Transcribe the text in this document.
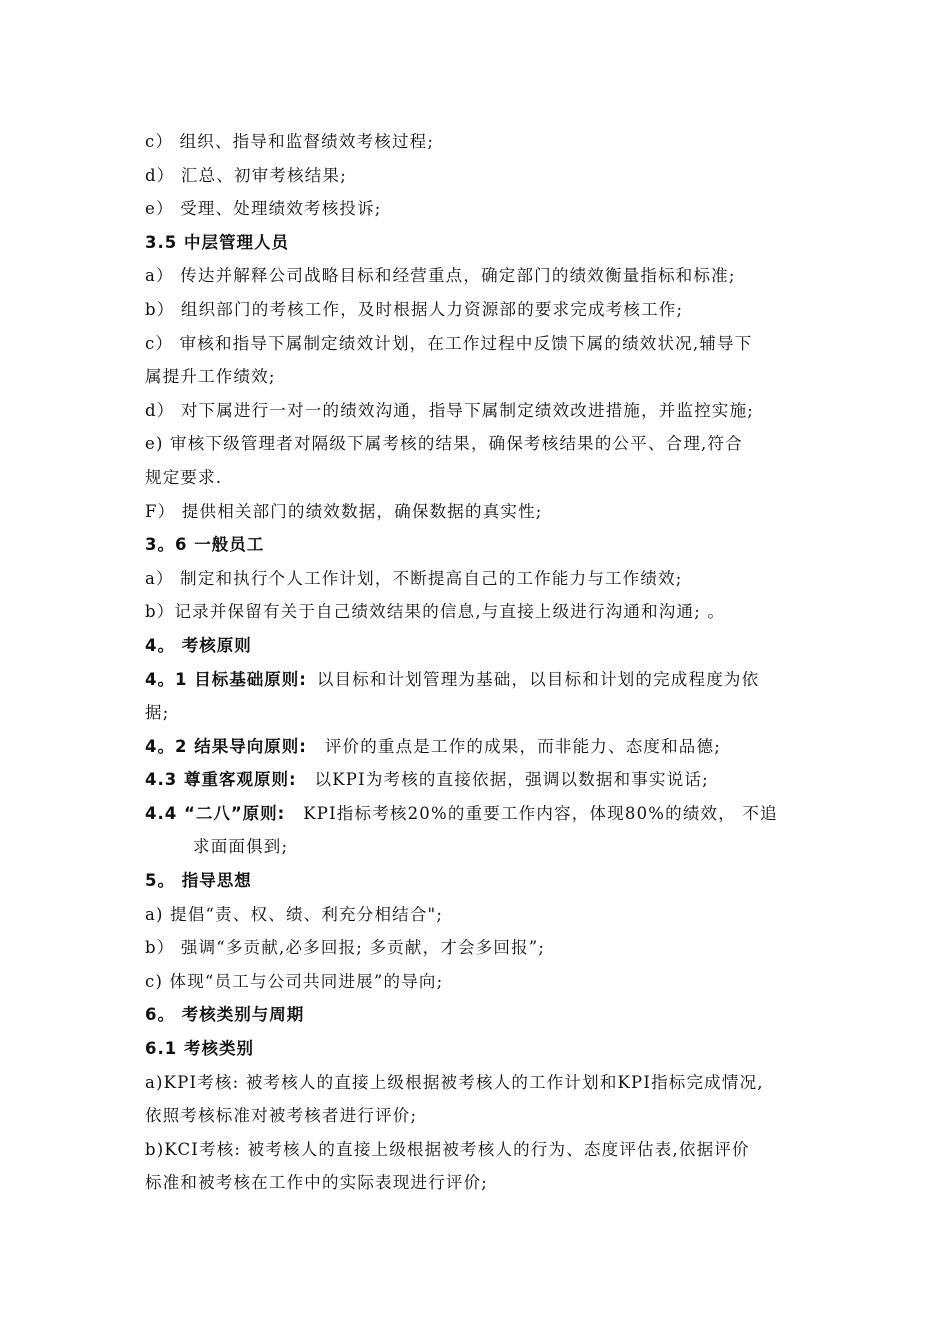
c） 组织、指导和监督绩效考核过程;
d） 汇总、初审考核结果;
e） 受理、处理绩效考核投诉;
3.5 中层管理人员
a） 传达并解释公司战略目标和经营重点，确定部门的绩效衡量指标和标准;
b） 组织部门的考核工作，及时根据人力资源部的要求完成考核工作;
c） 审核和指导下属制定绩效计划，在工作过程中反馈下属的绩效状况,辅导下
属提升工作绩效;
d） 对下属进行一对一的绩效沟通，指导下属制定绩效改进措施，并监控实施;
e) 审核下级管理者对隔级下属考核的结果，确保考核结果的公平、合理,符合
规定要求.
F） 提供相关部门的绩效数据，确保数据的真实性;
3。6 一般员工
a） 制定和执行个人工作计划，不断提高自己的工作能力与工作绩效;
b）记录并保留有关于自己绩效结果的信息,与直接上级进行沟通和沟通; 。
4。 考核原则
4。1 目标基础原则: 以目标和计划管理为基础，以目标和计划的完成程度为依
据;
4。2 结果导向原则: 评价的重点是工作的成果，而非能力、态度和品德;
4.3 尊重客观原则: 以KPI为考核的直接依据，强调以数据和事实说话;
4.4 “二八”原则: KPI指标考核20%的重要工作内容，体现80%的绩效， 不追
求面面俱到;
5。 指导思想
a) 提倡“责、权、绩、利充分相结合";
b） 强调“多贡献,必多回报; 多贡献，才会多回报”;
c) 体现“员工与公司共同进展”的导向;
6。 考核类别与周期
6.1 考核类别
a)KPI考核: 被考核人的直接上级根据被考核人的工作计划和KPI指标完成情况,
依照考核标准对被考核者进行评价;
b)KCI考核: 被考核人的直接上级根据被考核人的行为、态度评估表,依据评价
标准和被考核在工作中的实际表现进行评价;
